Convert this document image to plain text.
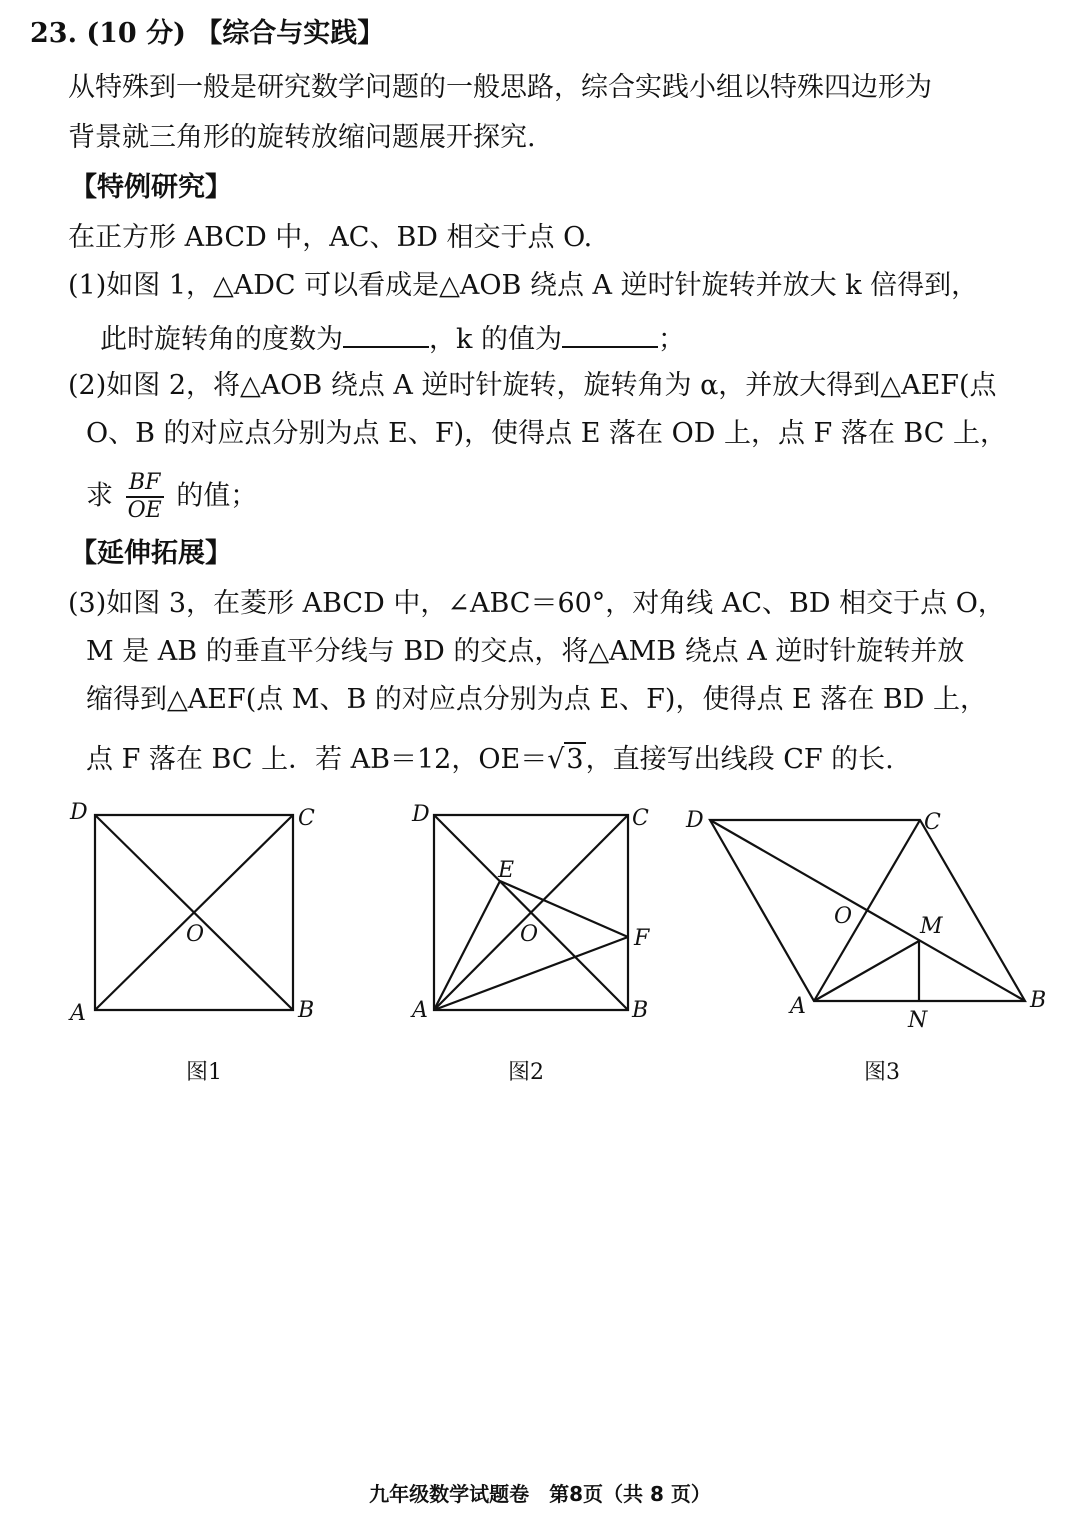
23. (10 分) 【综合与实践】
从特殊到一般是研究数学问题的一般思路，综合实践小组以特殊四边形为
背景就三角形的旋转放缩问题展开探究.
【特例研究】
在正方形 ABCD 中，AC、BD 相交于点 O.
(1)如图 1，△ADC 可以看成是△AOB 绕点 A 逆时针旋转并放大 k 倍得到，
此时旋转角的度数为	，k 的值为	；
(2)如图 2，将△AOB 绕点 A 逆时针旋转，旋转角为 α，并放大得到△AEF(点
O、B 的对应点分别为点 E、F)，使得点 E 落在 OD 上，点 F 落在 BC 上，
求 $\frac{BF}{OE}$ 的值；
【延伸拓展】
(3)如图 3，在菱形 ABCD 中，∠ABC＝60°，对角线 AC、BD 相交于点 O，
M 是 AB 的垂直平分线与 BD 的交点，将△AMB 绕点 A 逆时针旋转并放
缩得到△AEF(点 M、B 的对应点分别为点 E、F)，使得点 E 落在 BD 上，
点 F 落在 BC 上．若 AB＝12，OE＝√3，直接写出线段 CF 的长.
D	C
A	B
O
D	C
A	B
E
F
O
D	C
A	B
O	M
N
图1	图2	图3
九年级数学试题卷　第8页（共 8 页）
